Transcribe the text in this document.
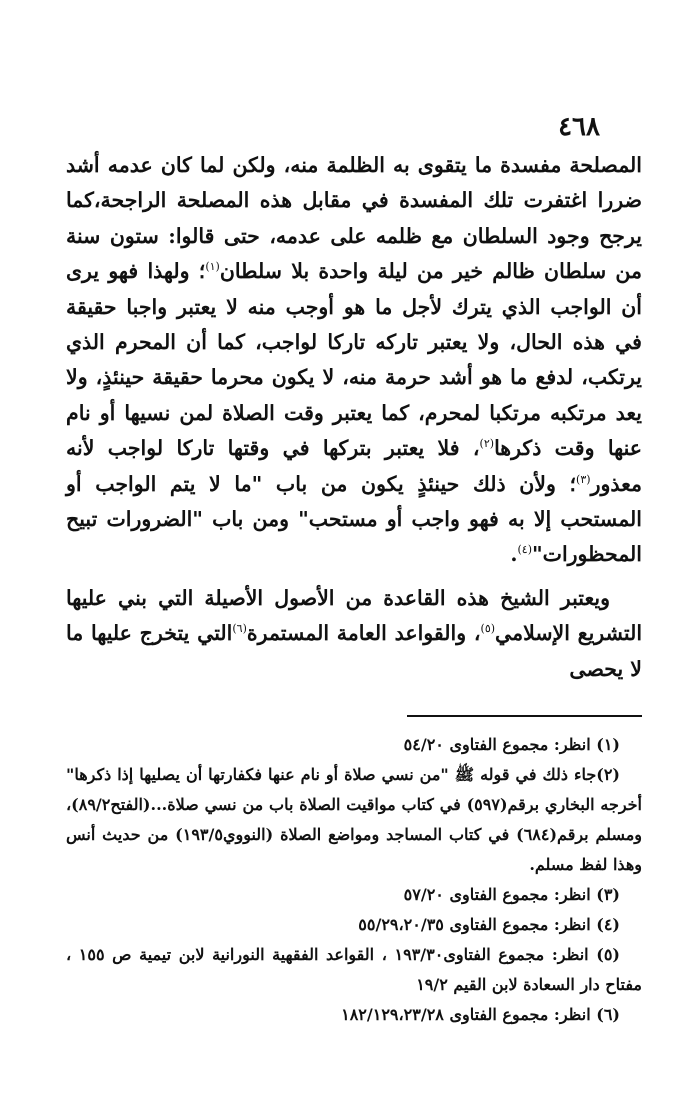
٤٦٨

المصلحة مفسدة ما يتقوى به الظلمة منه، ولكن لما كان عدمه أشد ضررا اغتفرت تلك المفسدة في مقابل هذه المصلحة الراجحة،كما يرجح وجود السلطان مع ظلمه على عدمه، حتى قالوا: ستون سنة من سلطان ظالم خير من ليلة واحدة بلا سلطان$^{(١)}$؛ ولهذا فهو يرى أن الواجب الذي يترك لأجل ما هو أوجب منه لا يعتبر واجبا حقيقة في هذه الحال، ولا يعتبر تاركه تاركا لواجب، كما أن المحرم الذي يرتكب، لدفع ما هو أشد حرمة منه، لا يكون محرما حقيقة حينئذٍ، ولا يعد مرتكبه مرتكبا لمحرم، كما يعتبر وقت الصلاة لمن نسيها أو نام عنها وقت ذكرها$^{(٢)}$، فلا يعتبر بتركها في وقتها تاركا لواجب لأنه معذور$^{(٣)}$؛ ولأن ذلك حينئذٍ يكون من باب "ما لا يتم الواجب أو المستحب إلا به فهو واجب أو مستحب" ومن باب "الضرورات تبيح المحظورات"$^{(٤)}$.

ويعتبر الشيخ هذه القاعدة من الأصول الأصيلة التي بني عليها التشريع الإسلامي$^{(٥)}$، والقواعد العامة المستمرة$^{(٦)}$التي يتخرج عليها ما لا يحصى

(١) انظر: مجموع الفتاوى ٥٤/٢٠

(٢)جاء ذلك في قوله ﷺ "من نسي صلاة أو نام عنها فكفارتها أن يصليها إذا ذكرها" أخرجه البخاري برقم(٥٩٧) في كتاب مواقيت الصلاة باب من نسي صلاة...(الفتح٨٩/٢)، ومسلم برقم(٦٨٤) في كتاب المساجد ومواضع الصلاة (النووي١٩٣/٥) من حديث أنس وهذا لفظ مسلم.

(٣) انظر: مجموع الفتاوى ٥٧/٢٠

(٤) انظر: مجموع الفتاوى ٥٥/٢٩،٢٠/٣٥

(٥) انظر: مجموع الفتاوى١٩٣/٣٠ ، القواعد الفقهية النورانية لابن تيمية ص ١٥٥ ، مفتاح دار السعادة لابن القيم ١٩/٢

(٦) انظر: مجموع الفتاوى ١٨٢/١٢٩،٢٣/٢٨
